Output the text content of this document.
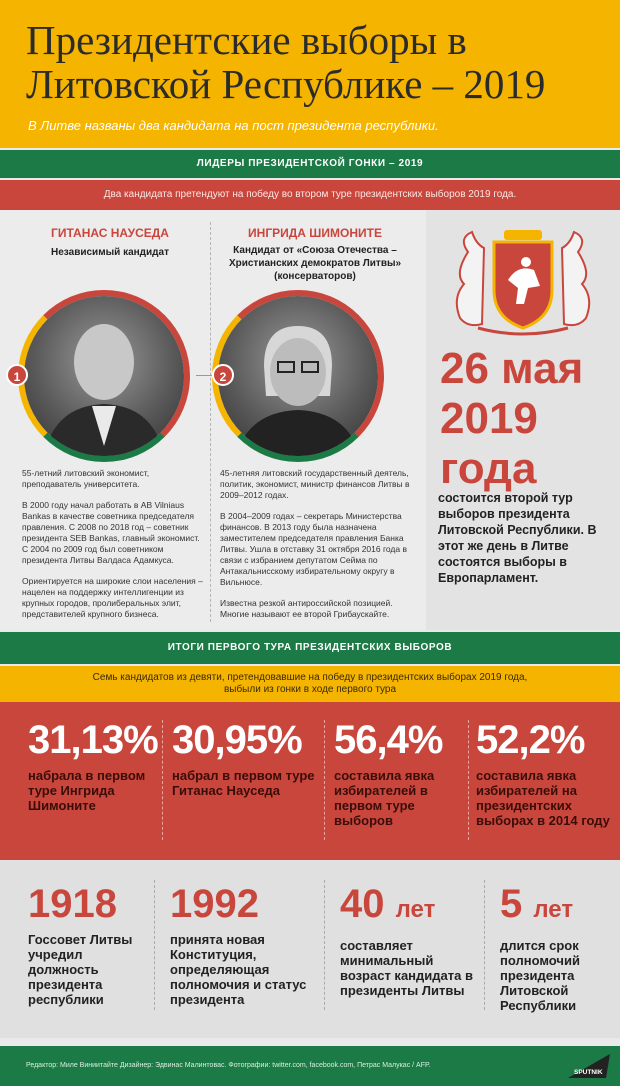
Президентские выборы в Литовской Республике – 2019
В Литве названы два кандидата на пост президента республики.
ЛИДЕРЫ ПРЕЗИДЕНТСКОЙ ГОНКИ – 2019
Два кандидата претендуют на победу во втором туре президентских выборов 2019 года.
ГИТАНАС НАУСЕДА
Независимый кандидат
ИНГРИДА ШИМОНИТЕ
Кандидат от «Союза Отечества – Христианских демократов Литвы» (консерваторов)
1	2

55-летний литовский экономист, преподаватель университета.

В 2000 году начал работать в AB Vilniaus Bankas в качестве советника председателя правления. С 2008 по 2018 год – советник президента SEB Bankas, главный экономист. С 2004 по 2009 год был советником президента Литвы Валдаса Адамкуса.

Ориентируется на широкие слои населения – нацелен на поддержку интеллигенции из крупных городов, пролиберальных элит, представителей крупного бизнеса.

45-летняя литовский государственный деятель, политик, экономист, министр финансов Литвы в 2009–2012 годах.

В 2004–2009 годах – секретарь Министерства финансов. В 2013 году была назначена заместителем председателя правления Банка Литвы. Ушла в отставку 31 октября 2016 года в связи с избранием депутатом Сейма по Антакальнисскому избирательному округу в Вильнюсе.

Известна резкой антироссийской позицией. Многие называют ее второй Грибаускайте.

26 мая
2019
года
состоится второй тур выборов президента Литовской Республики. В этот же день в Литве состоятся выборы в Европарламент.
ИТОГИ ПЕРВОГО ТУРА ПРЕЗИДЕНТСКИХ ВЫБОРОВ
Семь кандидатов из девяти, претендовавшие на победу в президентских выборах 2019 года,
выбыли из гонки в ходе первого тура
31,13%
набрала в первом туре Ингрида Шимоните
30,95%
набрал в первом туре Гитанас Науседа
56,4%
составила явка избирателей в первом туре выборов
52,2%
составила явка избирателей на президентских выборах в 2014 году
1918
Госсовет Литвы учредил должность президента республики
1992
принята новая Конституция, определяющая полномочия и статус президента
40 лет
составляет минимальный возраст кандидата в президенты Литвы
5 лет
длится срок полномочий президента Литовской Республики
Редактор: Миле Виниитайте Дизайнер: Эдвинас Малинтовас. Фотографии: twitter.com, facebook.com, Петрас Малукас / AFP.
SPUTNIK
